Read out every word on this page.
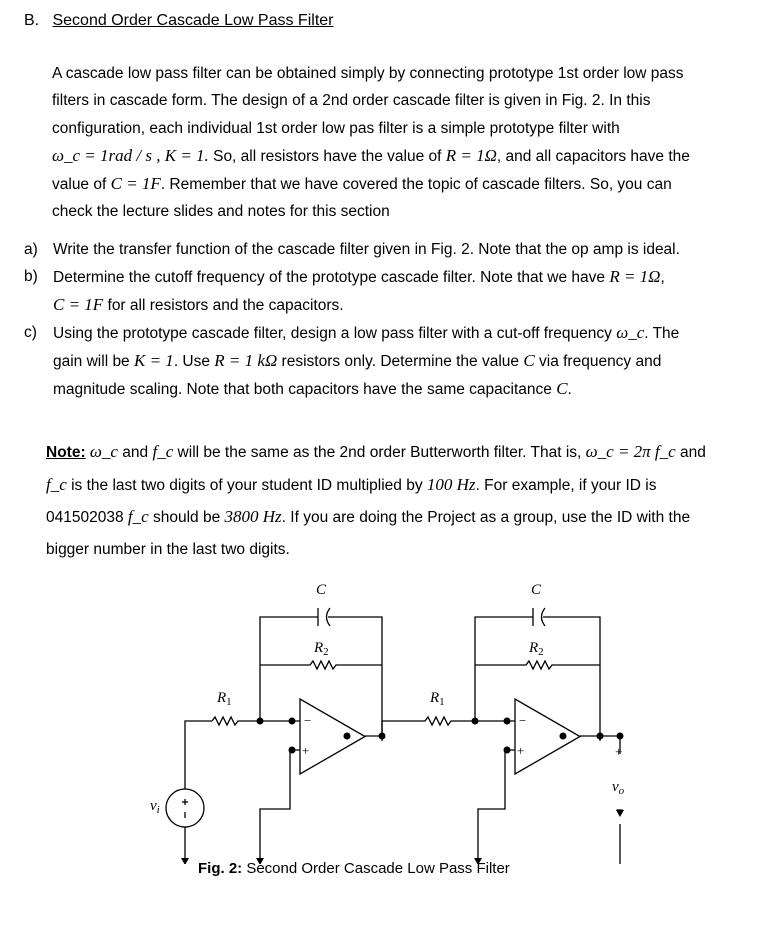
B. Second Order Cascade Low Pass Filter
A cascade low pass filter can be obtained simply by connecting prototype 1st order low pass
filters in cascade form. The design of a 2nd order cascade filter is given in Fig. 2. In this
configuration, each individual 1st order low pas filter is a simple prototype filter with
ω_c = 1rad / s , K = 1. So, all resistors have the value of R = 1Ω, and all capacitors have the
value of C = 1F. Remember that we have covered the topic of cascade filters. So, you can
check the lecture slides and notes for this section
a) Write the transfer function of the cascade filter given in Fig. 2. Note that the op amp is ideal.
b) Determine the cutoff frequency of the prototype cascade filter. Note that we have R = 1Ω,
C = 1F for all resistors and the capacitors.
c) Using the prototype cascade filter, design a low pass filter with a cut-off frequency ω_c. The
gain will be K = 1. Use R = 1 kΩ resistors only. Determine the value C via frequency and
magnitude scaling. Note that both capacitors have the same capacitance C.
Note: ω_c and f_c will be the same as the 2nd order Butterworth filter. That is, ω_c = 2π f_c and
f_c is the last two digits of your student ID multiplied by 100 Hz. For example, if your ID is
041502038 f_c should be 3800 Hz. If you are doing the Project as a group, use the ID with the
bigger number in the last two digits.
C	C
$R_2$	$R_2$
$R_1$	$R_1$
$v_i$
$v_o$
+
−
−
+
−
+
Fig. 2: Second Order Cascade Low Pass Filter
